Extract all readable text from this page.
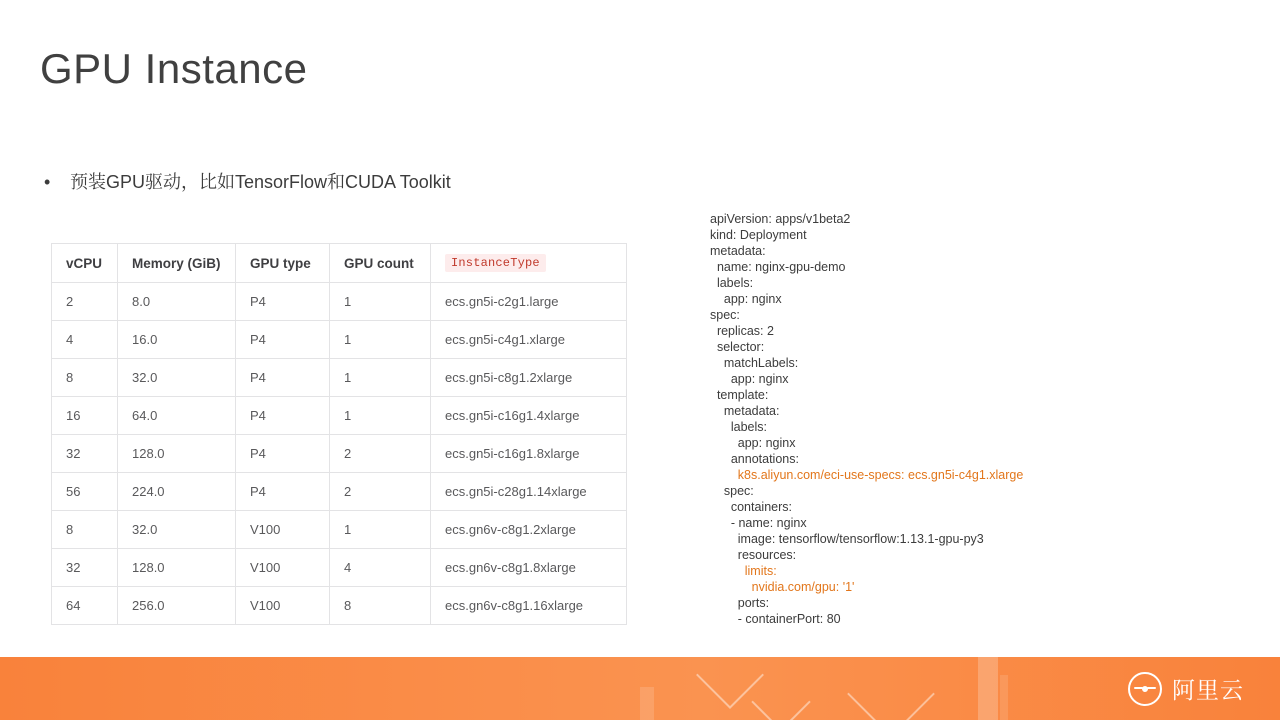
GPU Instance
•	预装GPU驱动，比如TensorFlow和CUDA Toolkit
vCPU	Memory (GiB)	GPU type	GPU count	InstanceType
2	8.0	P4	1	ecs.gn5i-c2g1.large
4	16.0	P4	1	ecs.gn5i-c4g1.xlarge
8	32.0	P4	1	ecs.gn5i-c8g1.2xlarge
16	64.0	P4	1	ecs.gn5i-c16g1.4xlarge
32	128.0	P4	2	ecs.gn5i-c16g1.8xlarge
56	224.0	P4	2	ecs.gn5i-c28g1.14xlarge
8	32.0	V100	1	ecs.gn6v-c8g1.2xlarge
32	128.0	V100	4	ecs.gn6v-c8g1.8xlarge
64	256.0	V100	8	ecs.gn6v-c8g1.16xlarge
apiVersion: apps/v1beta2
kind: Deployment
metadata:
name: nginx-gpu-demo
labels:
app: nginx
spec:
replicas: 2
selector:
matchLabels:
app: nginx
template:
metadata:
labels:
app: nginx
annotations:
k8s.aliyun.com/eci-use-specs: ecs.gn5i-c4g1.xlarge
spec:
containers:
- name: nginx
image: tensorflow/tensorflow:1.13.1-gpu-py3
resources:
limits:
nvidia.com/gpu: '1'
ports:
- containerPort: 80
阿里云
